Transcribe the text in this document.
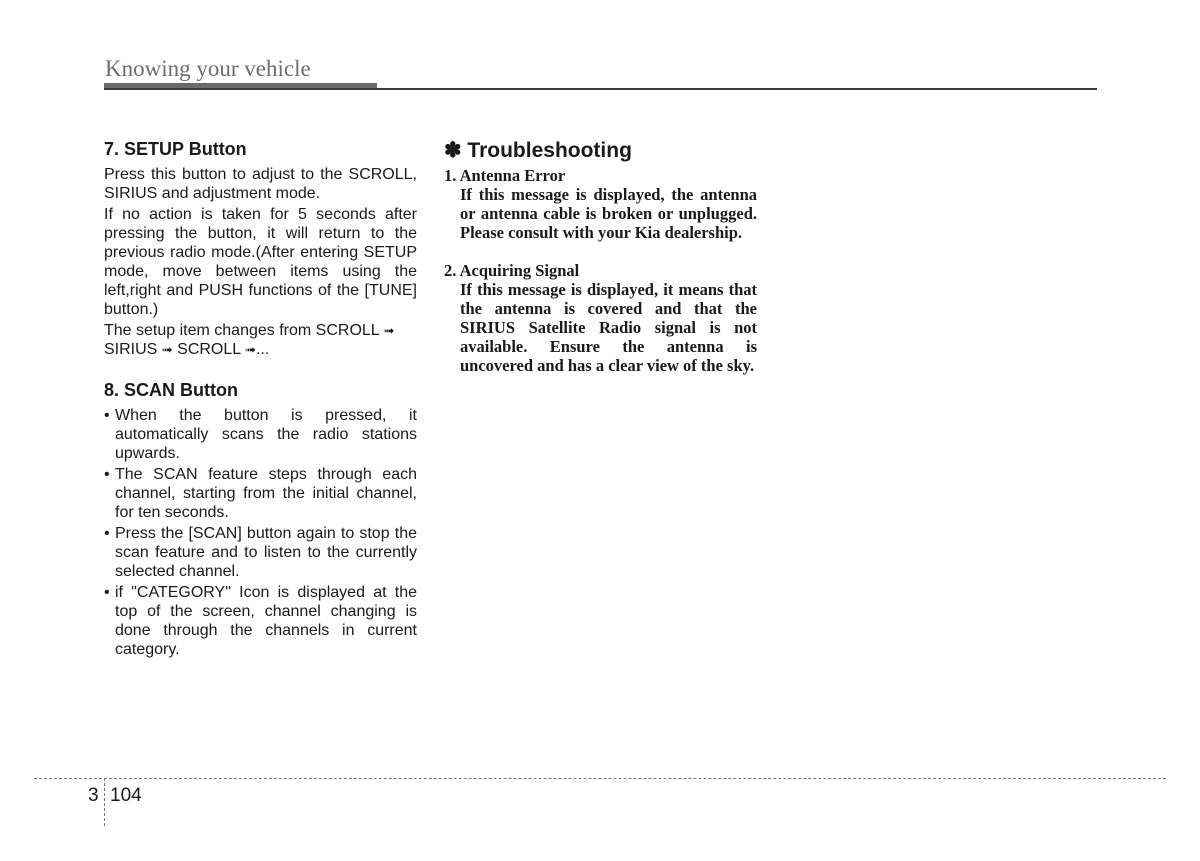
Knowing your vehicle
7. SETUP Button

Press this button to adjust to the SCROLL, SIRIUS and adjustment mode.

If no action is taken for 5 seconds after pressing the button, it will return to the previous radio mode.(After entering SETUP mode, move between items using the left,right and PUSH functions of the [TUNE] button.)

The setup item changes from SCROLL ➟ SIRIUS ➟ SCROLL ➟...

8. SCAN Button
• When the button is pressed, it automatically scans the radio stations upwards.
• The SCAN feature steps through each channel, starting from the initial channel, for ten seconds.
• Press the [SCAN] button again to stop the scan feature and to listen to the currently selected channel.
• if "CATEGORY" Icon is displayed at the top of the screen, channel changing is done through the channels in current category.
✽ Troubleshooting
1. Antenna Error
If this message is displayed, the antenna or antenna cable is broken or unplugged. Please consult with your Kia dealership.
2. Acquiring Signal
If this message is displayed, it means that the antenna is covered and that the SIRIUS Satellite Radio signal is not available. Ensure the antenna is uncovered and has a clear view of the sky.
3 104
